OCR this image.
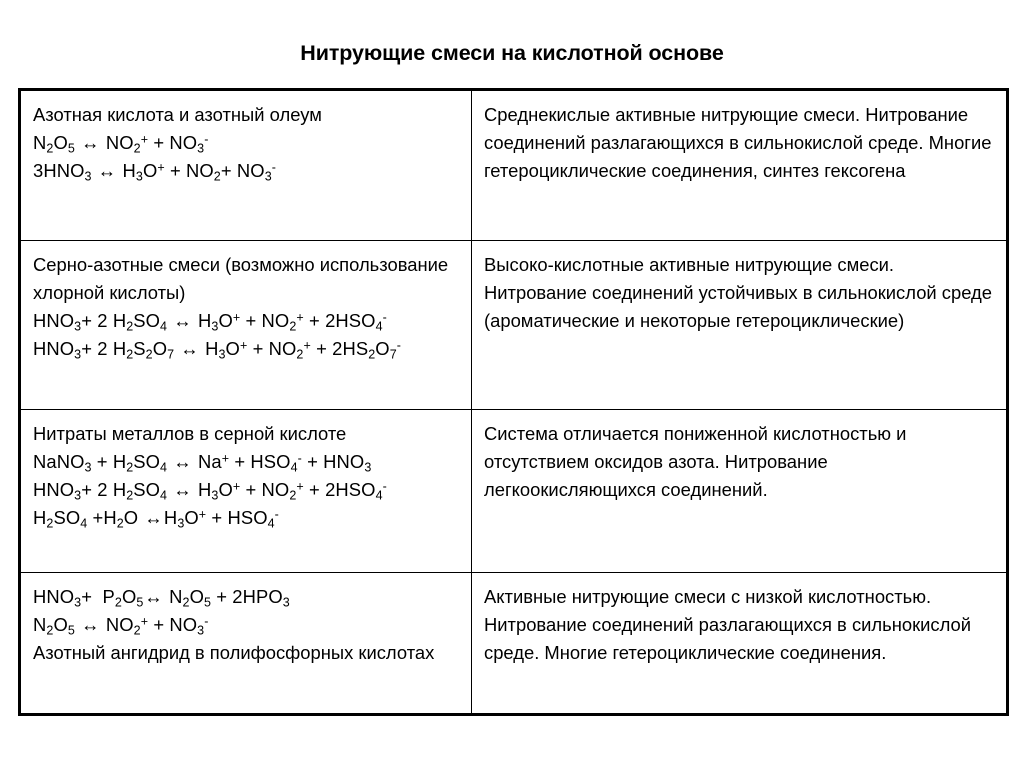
Нитрующие смеси на кислотной основе
Азотная кислота и азотный олеум
$N_2O_5$ ↔ $NO_2^+ + NO_3^-$
$3HNO_3$ ↔ $H_3O^+ + NO_2+ NO_3^-$	Среднекислые активные нитрующие смеси. Нитрование соединений разлагающихся в сильнокислой среде. Многие гетероциклические соединения, синтез гексогена

Серно-азотные смеси (возможно использование хлорной кислоты)
$HNO_3+ 2$ $H_2SO_4$ ↔ $H_3O^+ + NO_2^+ + 2HSO_4^-$
$HNO_3+ 2$ $H_2S_2O_7$ ↔ $H_3O^+ + NO_2^+ + 2HS_2O_7^-$	Высоко-кислотные активные нитрующие смеси. Нитрование соединений устойчивых в сильнокислой среде (ароматические и некоторые гетероциклические)

Нитраты металлов в серной кислоте
NaNO$_3$ + $H_2SO_4$ ↔ $Na^+ + HSO_4^- + HNO_3$
$HNO_3+ 2$ $H_2SO_4$ ↔ $H_3O^+ + NO_2^+ + 2HSO_4^-$
$H_2SO_4 +H_2O$ $\leftrightarrow H_3O^+ + HSO_4^-$	Система отличается пониженной кислотностью и отсутствием оксидов азота. Нитрование легкоокисляющихся соединений.

$HNO_3+$  $P_2O_5\leftrightarrow$ $N_2O_5 + 2HPO_3$
$N_2O_5$ ↔ $NO_2^+ + NO_3^-$
Азотный ангидрид в полифосфорных кислотах	Активные нитрующие смеси с низкой кислотностью. Нитрование соединений разлагающихся в сильнокислой среде. Многие гетероциклические соединения.
